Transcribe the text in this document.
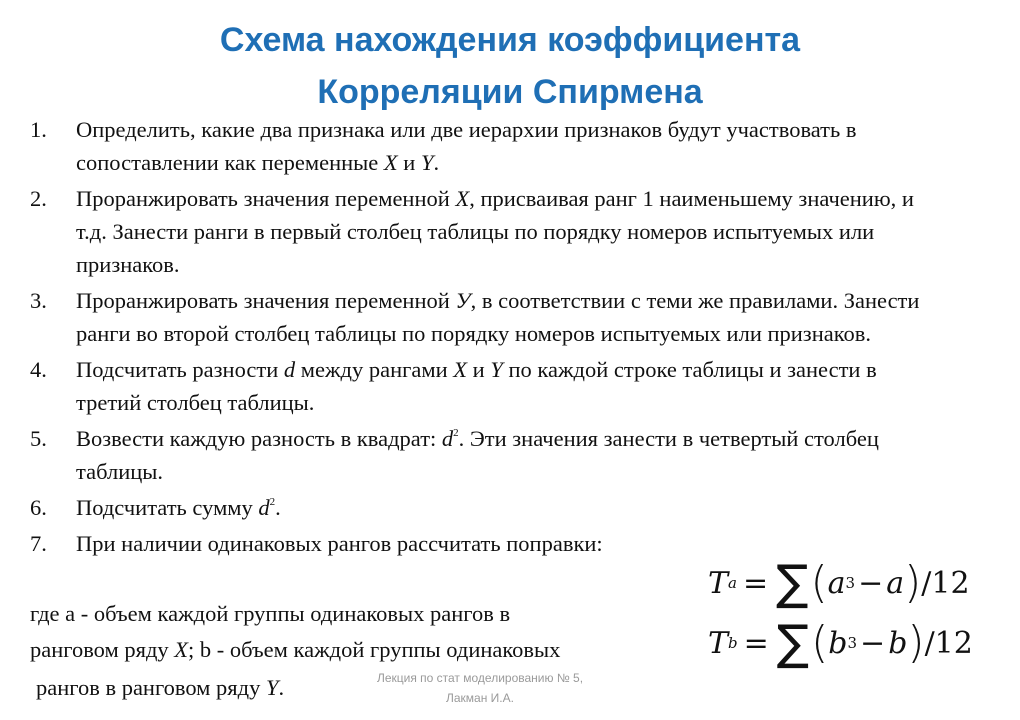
Схема нахождения коэффициента
Корреляции Спирмена
1. Определить, какие два признака или две иерархии признаков будут участвовать в сопоставлении как переменные X и Y.
2. Проранжировать значения переменной X, присваивая ранг 1 наименьшему значению, и т.д. Занести ранги в первый столбец таблицы по порядку номеров испытуемых или признаков.
3. Проранжировать значения переменной У, в соответствии с теми же правилами. Занести ранги во второй столбец таблицы по порядку номеров испытуемых или признаков.
4. Подсчитать разности d между рангами X и Y по каждой строке таблицы и занести в третий столбец таблицы.
5. Возвести каждую разность в квадрат: $d^2$. Эти значения занести в четвертый столбец таблицы.
6. Подсчитать сумму $d^2$.
7. При наличии одинаковых рангов рассчитать поправки:
где а - объем каждой группы одинаковых рангов в
ранговом ряду X; b - объем каждой группы одинаковых
рангов в ранговом ряду Y.
T a = ∑ ( a 3 − a ) /12
T b = ∑ ( b 3 − b ) /12
Лекция по стат моделированию № 5,
Лакман И.А.
